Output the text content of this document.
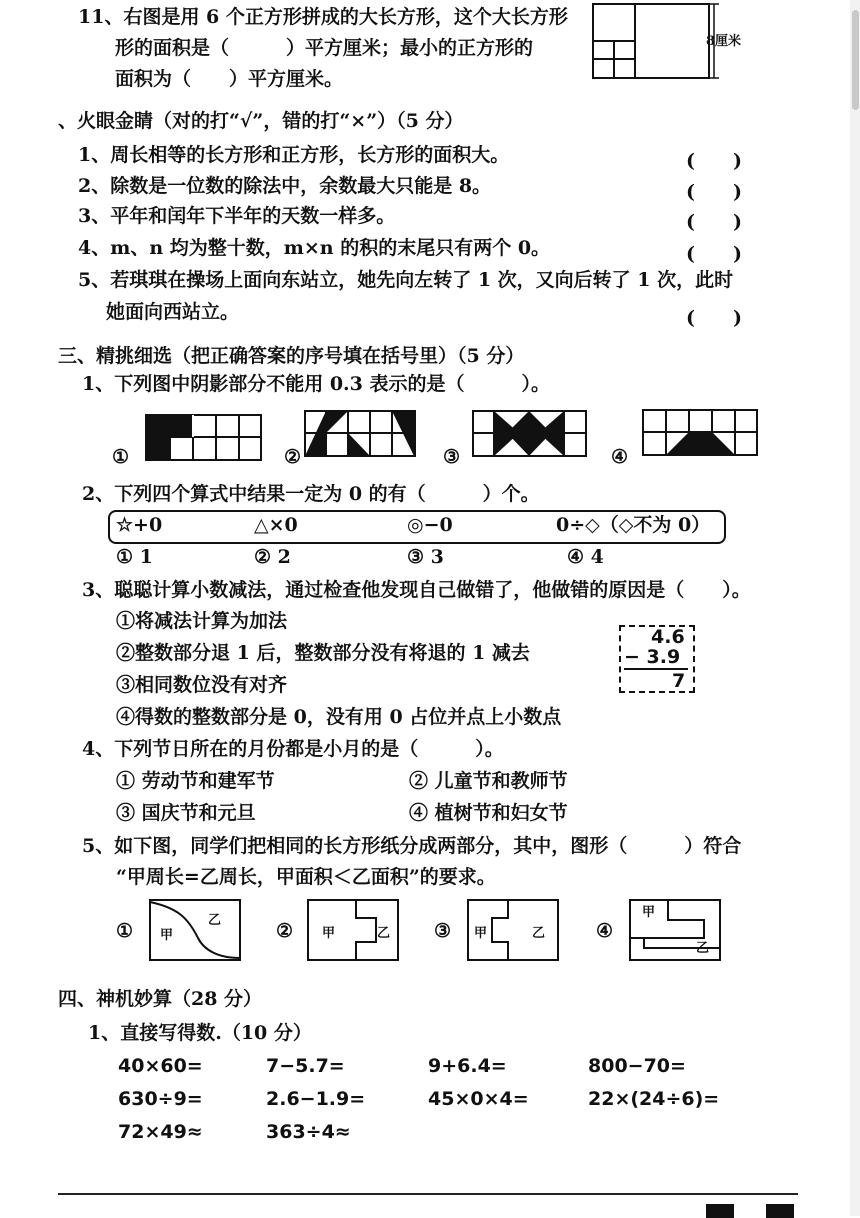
11、右图是用 6 个正方形拼成的大长方形，这个大长方形
形的面积是（　　　）平方厘米；最小的正方形的
面积为（　　）平方厘米。
8厘米
、火眼金睛（对的打“√”，错的打“×”）（5 分）
1、周长相等的长方形和正方形，长方形的面积大。	(　　)
2、除数是一位数的除法中，余数最大只能是 8。	(　　)
3、平年和闰年下半年的天数一样多。	(　　)
4、m、n 均为整十数，m×n 的积的末尾只有两个 0。	(　　)
5、若琪琪在操场上面向东站立，她先向左转了 1 次，又向后转了 1 次，此时
她面向西站立。	(　　)
三、精挑细选（把正确答案的序号填在括号里）（5 分）
1、下列图中阴影部分不能用 0.3 表示的是（　　　）。
①	②	③	④
2、下列四个算式中结果一定为 0 的有（　　　）个。
☆+0	△×0	◎−0	0÷◇（◇不为 0）
① 1	② 2	③ 3	④ 4
3、聪聪计算小数减法，通过检查他发现自己做错了，他做错的原因是（　　）。
①将减法计算为加法
②整数部分退 1 后，整数部分没有将退的 1 减去
③相同数位没有对齐
④得数的整数部分是 0，没有用 0 占位并点上小数点
4.6
− 3.9
7
4、下列节日所在的月份都是小月的是（　　　）。
① 劳动节和建军节	② 儿童节和教师节
③ 国庆节和元旦	④ 植树节和妇女节
5、如下图，同学们把相同的长方形纸分成两部分，其中，图形（　　　）符合
“甲周长=乙周长，甲面积＜乙面积”的要求。
① 甲
乙	② 甲	乙 ③ 甲	乙	④
甲
乙
四、神机妙算（28 分）
1、直接写得数.（10 分）
40×60=	7−5.7=	9+6.4=	800−70=
630÷9=	2.6−1.9=	45×0×4=	22×(24÷6)=
72×49≈	363÷4≈
